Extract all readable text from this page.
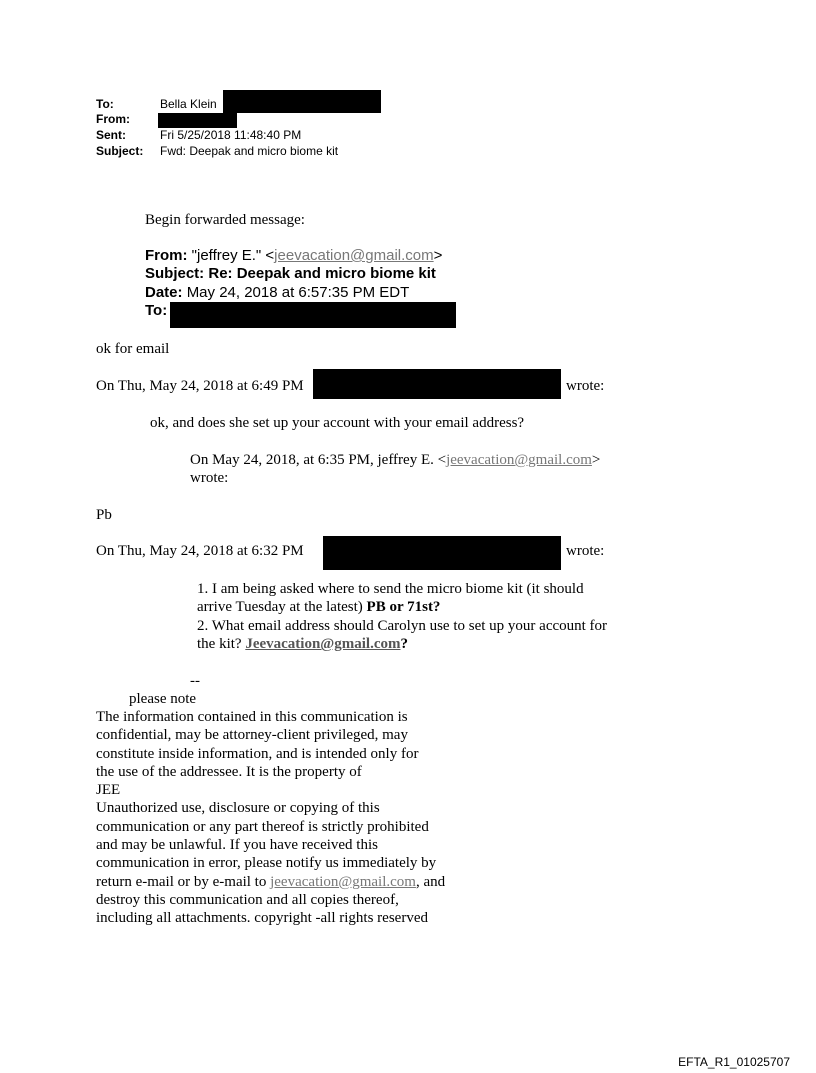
To:	Bella Klein
From:
Sent:	Fri 5/25/2018 11:48:40 PM
Subject: Fwd: Deepak and micro biome kit
Begin forwarded message:
From: "jeffrey E." <jeevacation@gmail.com>
Subject: Re: Deepak and micro biome kit
Date: May 24, 2018 at 6:57:35 PM EDT
To:
ok for email
On Thu, May 24, 2018 at 6:49 PM	wrote:
ok, and does she set up your account with your email address?
On May 24, 2018, at 6:35 PM, jeffrey E. <jeevacation@gmail.com>
wrote:
Pb
On Thu, May 24, 2018 at 6:32 PM	wrote:
1. I am being asked where to send the micro biome kit (it should
arrive Tuesday at the latest) PB or 71st?
2. What email address should Carolyn use to set up your account for
the kit? Jeevacation@gmail.com?
--
please note
The information contained in this communication is
confidential, may be attorney-client privileged, may
constitute inside information, and is intended only for
the use of the addressee. It is the property of
JEE
Unauthorized use, disclosure or copying of this
communication or any part thereof is strictly prohibited
and may be unlawful. If you have received this
communication in error, please notify us immediately by
return e-mail or by e-mail to jeevacation@gmail.com, and
destroy this communication and all copies thereof,
including all attachments. copyright -all rights reserved
EFTA_R1_01025707
